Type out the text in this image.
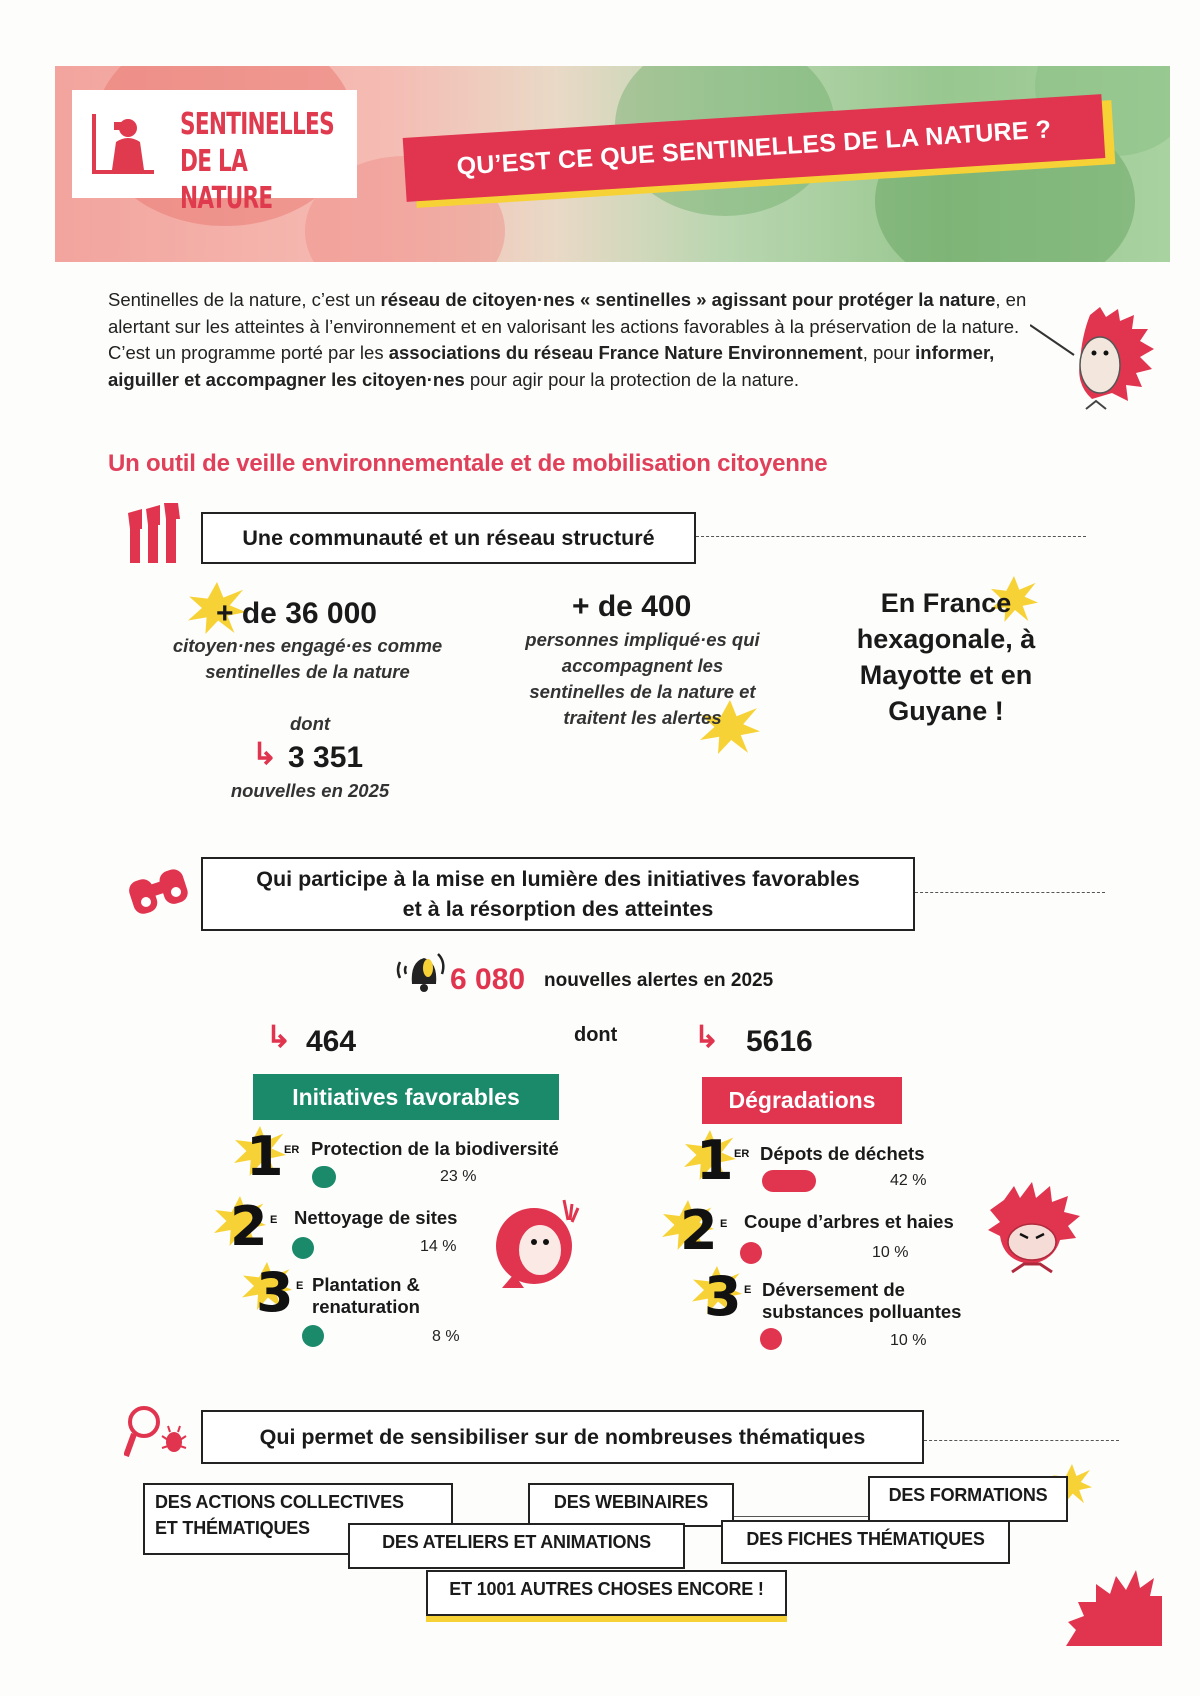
SENTINELLES
DE LA NATURE
QU’EST CE QUE SENTINELLES DE LA NATURE ?

Sentinelles de la nature, c’est un réseau de citoyen·nes « sentinelles » agissant pour protéger la nature, en alertant sur les atteintes à l’environnement et en valorisant les actions favorables à la préservation de la nature.

C’est un programme porté par les associations du réseau France Nature Environnement, pour informer, aiguiller et accompagner les citoyen·nes pour agir pour la protection de la nature.

Un outil de veille environnementale et de mobilisation citoyenne
Une communauté et un réseau structuré
+ de 36 000
citoyen·nes engagé·es comme sentinelles de la nature
dont
↳ 3 351
nouvelles en 2025
+ de 400
personnes impliqué·es qui accompagnent les sentinelles de la nature et traitent les alertes
En France hexagonale, à Mayotte et en Guyane !
Qui participe à la mise en lumière des initiatives favorables
et à la résorption des atteintes
6 080 nouvelles alertes en 2025
↳ 464	dont	↳ 5616
Initiatives favorables	Dégradations
1 ER Protection de la biodiversité
23 %
2 E Nettoyage de sites
14 %
3 E Plantation &
renaturation
8 %
1 ER Dépots de déchets
42 %
2 E Coupe d’arbres et haies
10 %
3 E Déversement de
substances polluantes
10 %
Qui permet de sensibiliser sur de nombreuses thématiques
DES ACTIONS COLLECTIVES
ET THÉMATIQUES
DES WEBINAIRES	DES FORMATIONS
DES ATELIERS ET ANIMATIONS	DES FICHES THÉMATIQUES
ET 1001 AUTRES CHOSES ENCORE !
